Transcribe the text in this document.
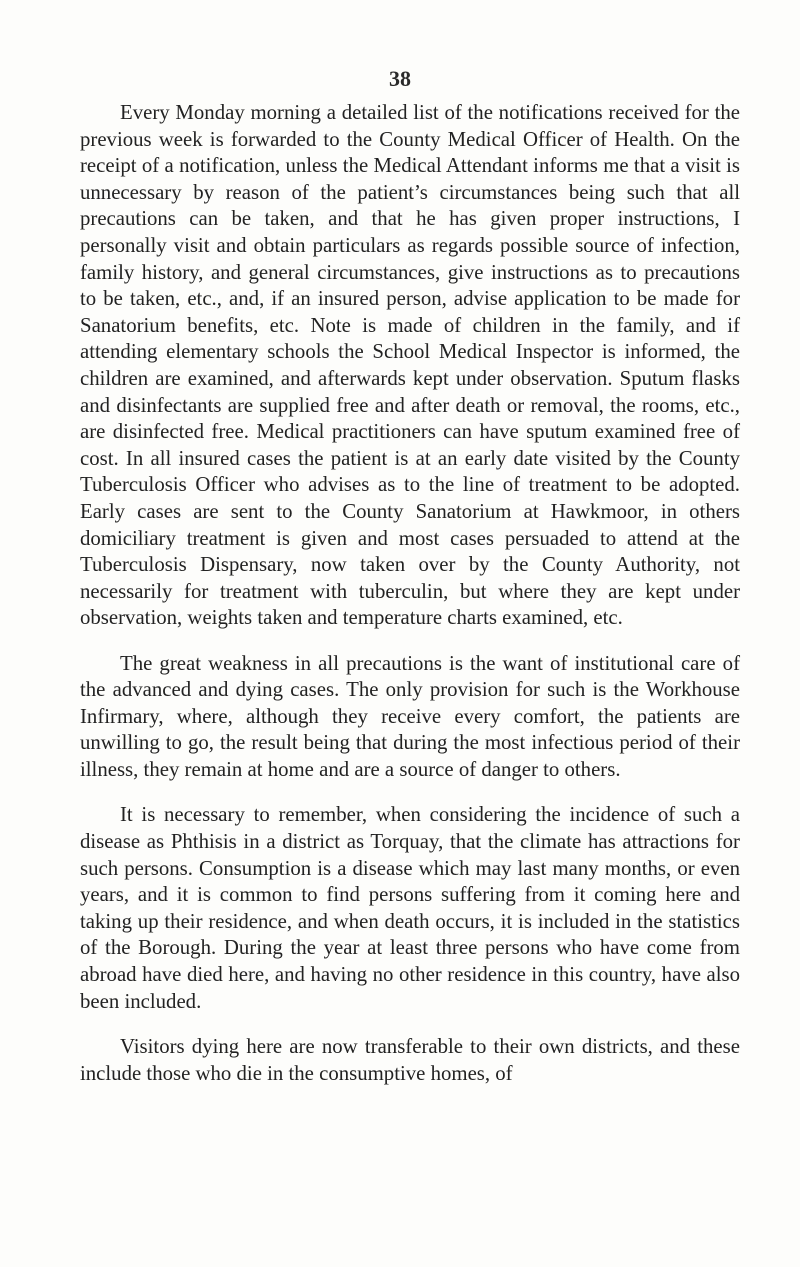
38

Every Monday morning a detailed list of the notifications received for the previous week is forwarded to the County Medical Officer of Health. On the receipt of a notification, unless the Medical Attendant informs me that a visit is unnecessary by reason of the patient’s circumstances being such that all precautions can be taken, and that he has given proper instructions, I personally visit and obtain particulars as regards possible source of infection, family history, and general circumstances, give instructions as to precautions to be taken, etc., and, if an insured person, advise application to be made for Sanatorium benefits, etc. Note is made of children in the family, and if attending elementary schools the School Medical Inspector is informed, the children are examined, and afterwards kept under observation. Sputum flasks and disinfectants are supplied free and after death or removal, the rooms, etc., are disinfected free. Medical practitioners can have sputum examined free of cost. In all insured cases the patient is at an early date visited by the County Tuberculosis Officer who advises as to the line of treatment to be adopted. Early cases are sent to the County Sanatorium at Hawkmoor, in others domiciliary treatment is given and most cases persuaded to attend at the Tuberculosis Dispensary, now taken over by the County Authority, not necessarily for treatment with tuberculin, but where they are kept under observation, weights taken and temperature charts examined, etc.

The great weakness in all precautions is the want of institutional care of the advanced and dying cases. The only provision for such is the Workhouse Infirmary, where, although they receive every comfort, the patients are unwilling to go, the result being that during the most infectious period of their illness, they remain at home and are a source of danger to others.

It is necessary to remember, when considering the incidence of such a disease as Phthisis in a district as Torquay, that the climate has attractions for such persons. Consumption is a disease which may last many months, or even years, and it is common to find persons suffering from it coming here and taking up their residence, and when death occurs, it is included in the statistics of the Borough. During the year at least three persons who have come from abroad have died here, and having no other residence in this country, have also been included.

Visitors dying here are now transferable to their own districts, and these include those who die in the consumptive homes, of
